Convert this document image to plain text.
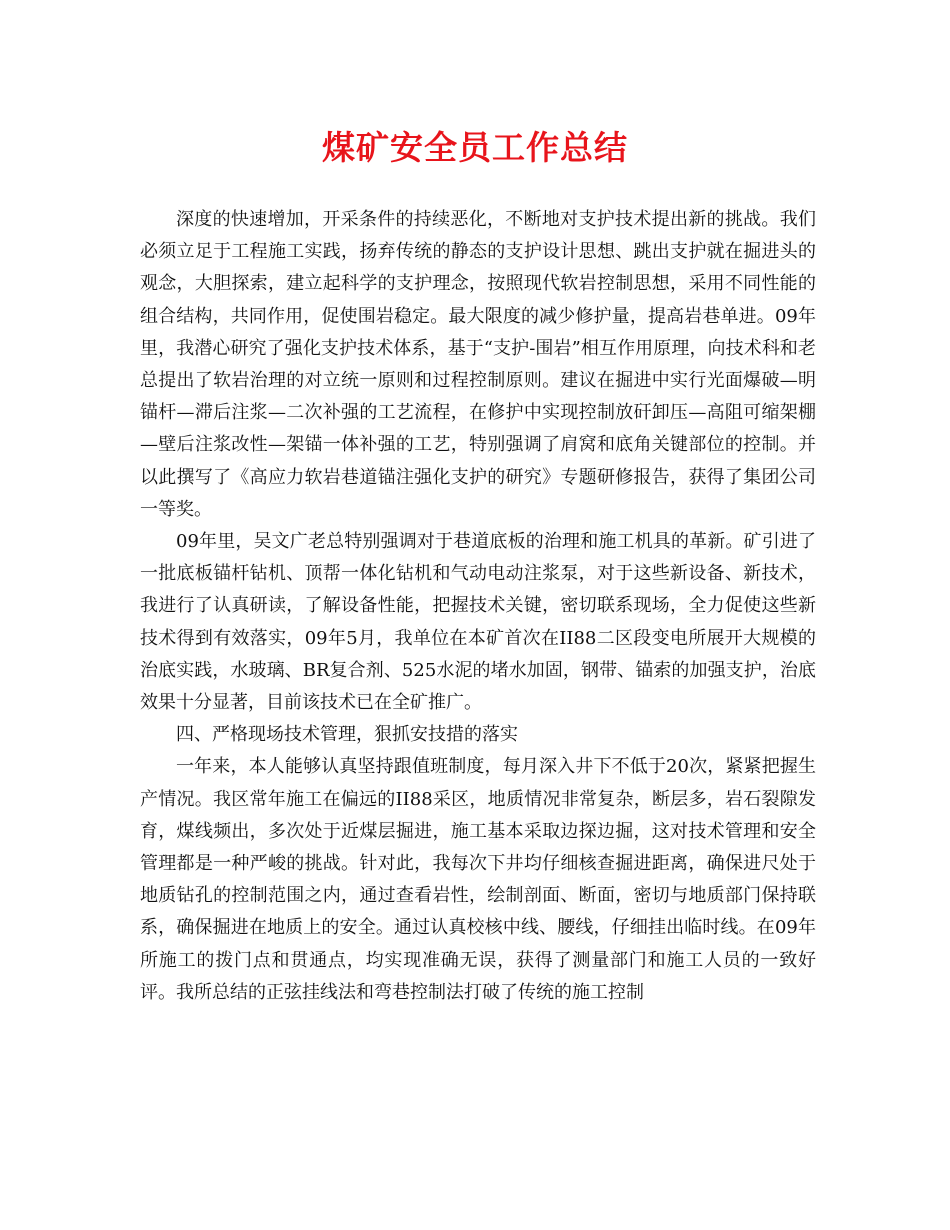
煤矿安全员工作总结

深度的快速增加，开采条件的持续恶化，不断地对支护技术提出新的挑战。我们必须立足于工程施工实践，扬弃传统的静态的支护设计思想、跳出支护就在掘进头的观念，大胆探索，建立起科学的支护理念，按照现代软岩控制思想，采用不同性能的组合结构，共同作用，促使围岩稳定。最大限度的减少修护量，提高岩巷单进。09年里，我潜心研究了强化支护技术体系，基于“支护-围岩”相互作用原理，向技术科和老总提出了软岩治理的对立统一原则和过程控制原则。建议在掘进中实行光面爆破—明锚杆—滞后注浆—二次补强的工艺流程，在修护中实现控制放矸卸压—高阻可缩架棚—壁后注浆改性—架锚一体补强的工艺，特别强调了肩窝和底角关键部位的控制。并以此撰写了《高应力软岩巷道锚注强化支护的研究》专题研修报告，获得了集团公司一等奖。

09年里，吴文广老总特别强调对于巷道底板的治理和施工机具的革新。矿引进了一批底板锚杆钻机、顶帮一体化钻机和气动电动注浆泵，对于这些新设备、新技术，我进行了认真研读，了解设备性能，把握技术关键，密切联系现场，全力促使这些新技术得到有效落实，09年5月，我单位在本矿首次在II88二区段变电所展开大规模的治底实践，水玻璃、BR复合剂、525水泥的堵水加固，钢带、锚索的加强支护，治底效果十分显著，目前该技术已在全矿推广。

四、严格现场技术管理，狠抓安技措的落实

一年来，本人能够认真坚持跟值班制度，每月深入井下不低于20次，紧紧把握生产情况。我区常年施工在偏远的II88采区，地质情况非常复杂，断层多，岩石裂隙发育，煤线频出，多次处于近煤层掘进，施工基本采取边探边掘，这对技术管理和安全管理都是一种严峻的挑战。针对此，我每次下井均仔细核查掘进距离，确保进尺处于地质钻孔的控制范围之内，通过查看岩性，绘制剖面、断面，密切与地质部门保持联系，确保掘进在地质上的安全。通过认真校核中线、腰线，仔细挂出临时线。在09年所施工的拨门点和贯通点，均实现准确无误，获得了测量部门和施工人员的一致好评。我所总结的正弦挂线法和弯巷控制法打破了传统的施工控制
